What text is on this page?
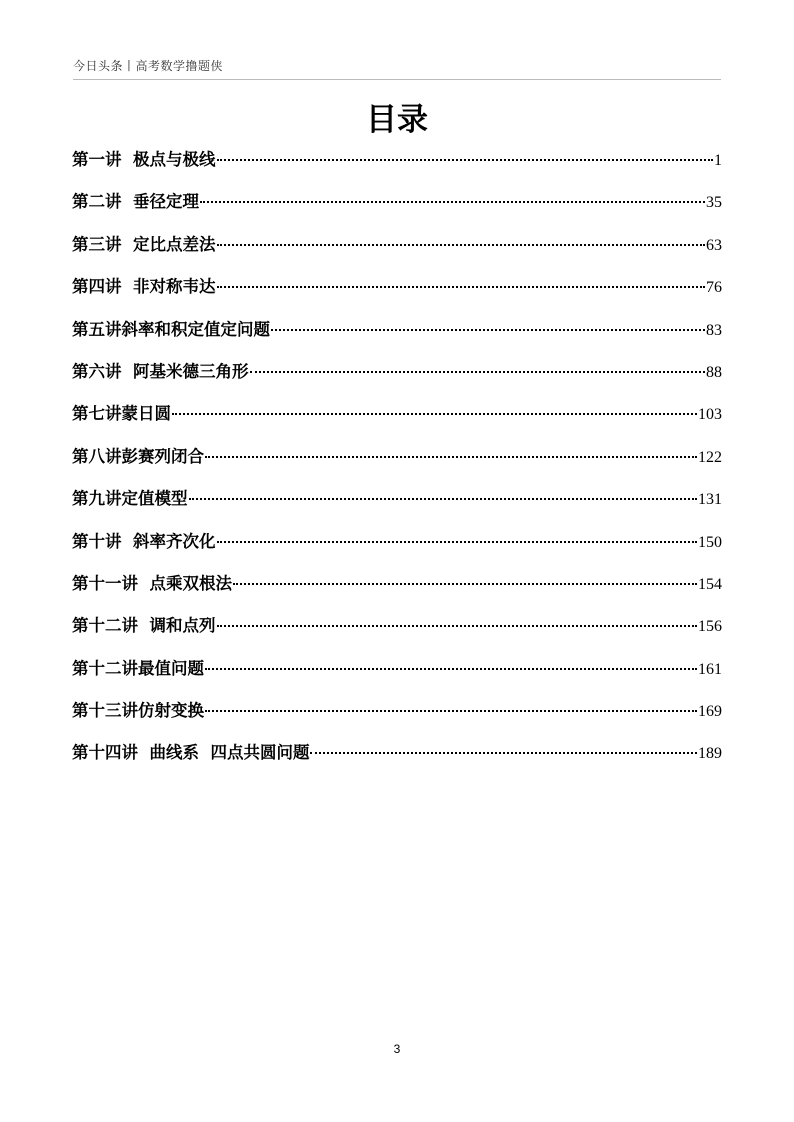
今日头条丨高考数学撸题侠
目录
第一讲  极点与极线	1
第二讲  垂径定理	35
第三讲  定比点差法	63
第四讲  非对称韦达	76
第五讲斜率和积定值定问题	83
第六讲  阿基米德三角形	88
第七讲蒙日圆	103
第八讲彭赛列闭合	122
第九讲定值模型	131
第十讲  斜率齐次化	150
第十一讲  点乘双根法	154
第十二讲  调和点列	156
第十二讲最值问题	161
第十三讲仿射变换	169
第十四讲  曲线系  四点共圆问题	189
3
